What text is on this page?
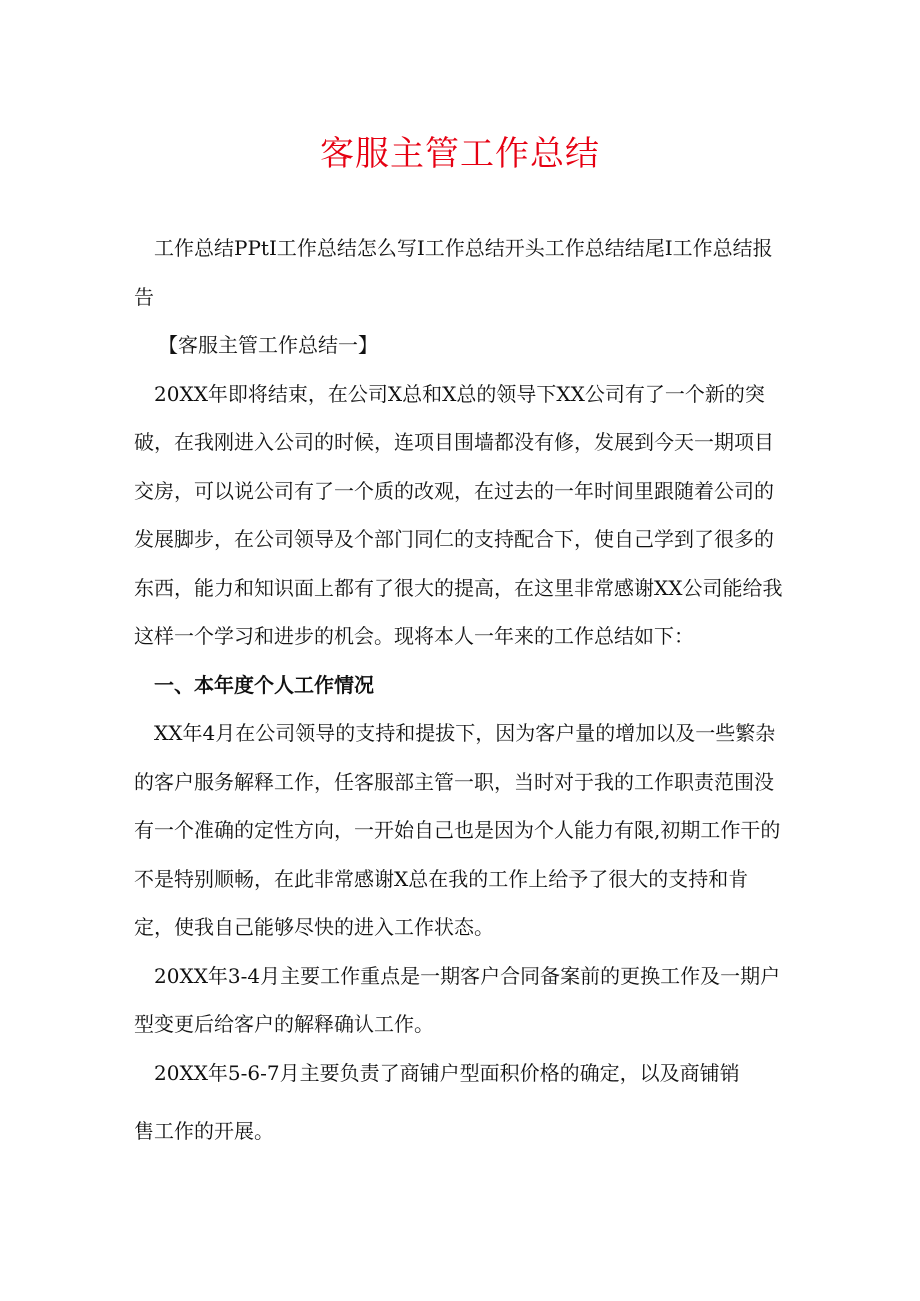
客服主管工作总结

工作总结PPtI工作总结怎么写I工作总结开头工作总结结尾I工作总结报告

【客服主管工作总结一】

20XX年即将结束，在公司X总和X总的领导下XX公司有了一个新的突破，在我刚进入公司的时候，连项目围墙都没有修，发展到今天一期项目交房，可以说公司有了一个质的改观，在过去的一年时间里跟随着公司的发展脚步，在公司领导及个部门同仁的支持配合下，使自己学到了很多的东西，能力和知识面上都有了很大的提高，在这里非常感谢XX公司能给我这样一个学习和进步的机会。现将本人一年来的工作总结如下：

一、本年度个人工作情况

XX年4月在公司领导的支持和提拔下，因为客户量的增加以及一些繁杂的客户服务解释工作，任客服部主管一职，当时对于我的工作职责范围没有一个准确的定性方向，一开始自己也是因为个人能力有限,初期工作干的不是特别顺畅，在此非常感谢X总在我的工作上给予了很大的支持和肯定，使我自己能够尽快的进入工作状态。

20XX年3-4月主要工作重点是一期客户合同备案前的更换工作及一期户型变更后给客户的解释确认工作。

20XX年5-6-7月主要负责了商铺户型面积价格的确定，以及商铺销

售工作的开展。
